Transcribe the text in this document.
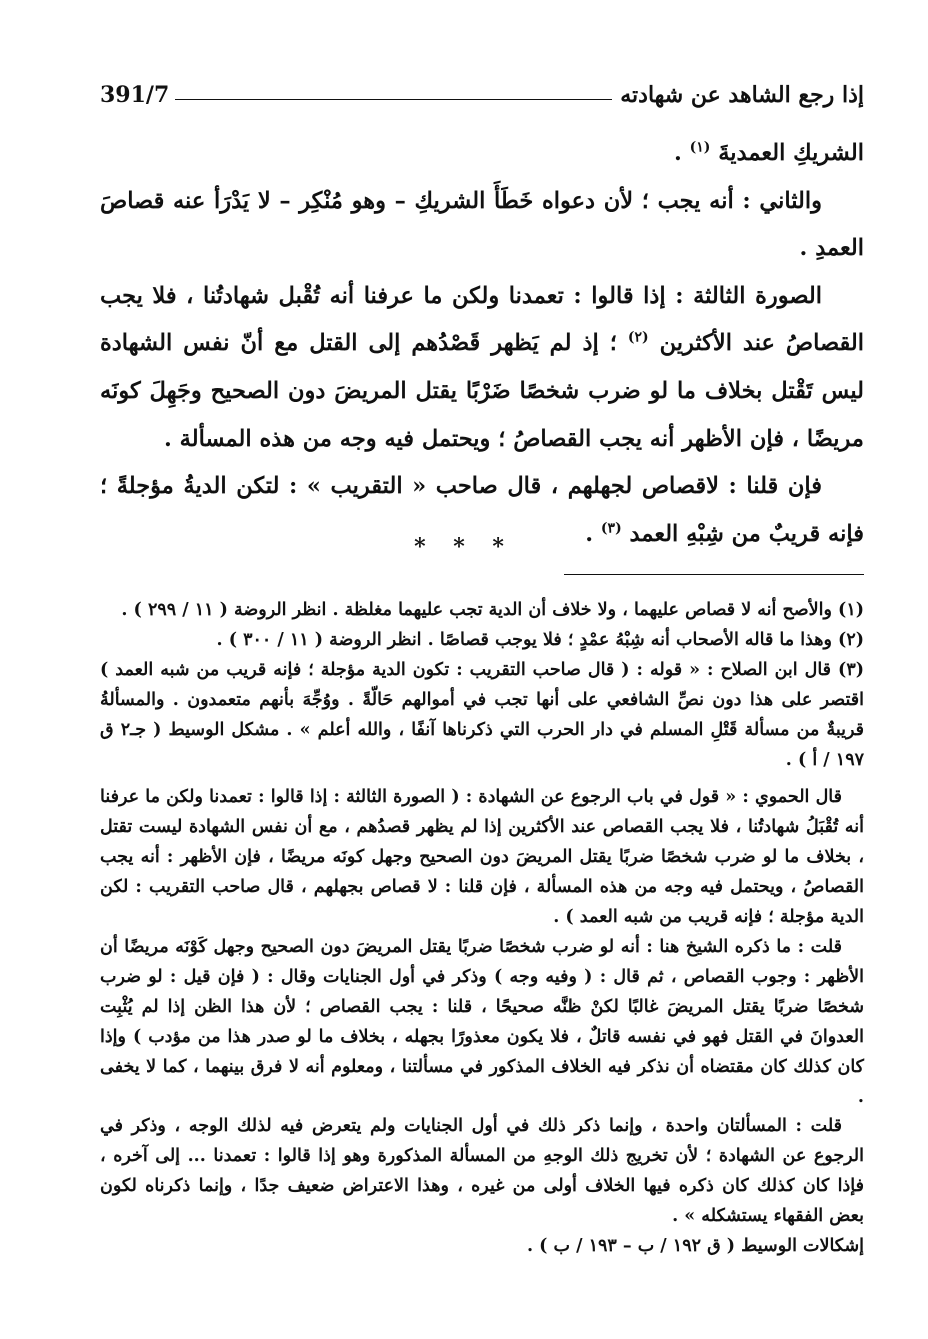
إذا رجع الشاهد عن شهادته
391/7

الشريكِ العمديةَ $^{(١)}$ .

والثاني : أنه يجب ؛ لأن دعواه خَطَأَ الشريكِ – وهو مُنْكِر – لا يَدْرَأ عنه قصاصَ العمدِ .

الصورة الثالثة : إذا قالوا : تعمدنا ولكن ما عرفنا أنه تُقْبل شهادتُنا ، فلا يجب القصاصُ عند الأكثرين $^{(٢)}$ ؛ إذ لم يَظهر قَصْدُهم إلى القتل مع أنّ نفس الشهادة ليس تَقْتل بخلاف ما لو ضرب شخصًا ضَرْبًا يقتل المريضَ دون الصحيح وجَهِلَ كونَه مريضًا ، فإن الأظهر أنه يجب القصاصُ ؛ ويحتمل فيه وجه من هذه المسألة .

فإن قلنا : لاقصاص لجهلهم ، قال صاحب « التقريب » : لتكن الديةُ مؤجلةً ؛ فإنه قريبٌ من شِبْهِ العمد $^{(٣)}$ .

* * *

(١) والأصح أنه لا قصاص عليهما ، ولا خلاف أن الدية تجب عليهما مغلظة . انظر الروضة ( ١١ / ٢٩٩ ) .

(٢) وهذا ما قاله الأصحاب أنه شِبْهُ عمْدٍ ؛ فلا يوجب قصاصًا . انظر الروضة ( ١١ / ٣٠٠ ) .

(٣) قال ابن الصلاح : « قوله : ( قال صاحب التقريب : تكون الدية مؤجلة ؛ فإنه قريب من شبه العمد ) اقتصر على هذا دون نصِّ الشافعي على أنها تجب في أموالهم حَالّةً . ووُجِّهَ بأنهم متعمدون . والمسألةُ قريبةٌ من مسألة قَتْلِ المسلم في دار الحرب التي ذكرناها آنفًا ، والله أعلم » . مشكل الوسيط ( جـ٢ ق ١٩٧ / أ ) .

قال الحموي : « قول في باب الرجوع عن الشهادة : ( الصورة الثالثة : إذا قالوا : تعمدنا ولكن ما عرفنا أنه تُقْبَلُ شهادتُنا ، فلا يجب القصاص عند الأكثرين إذا لم يظهر قصدُهم ، مع أن نفس الشهادة ليست تقتل ، بخلاف ما لو ضرب شخصًا ضربًا يقتل المريضَ دون الصحيح وجهل كونَه مريضًا ، فإن الأظهر : أنه يجب القصاصُ ، ويحتمل فيه وجه من هذه المسألة ، فإن قلنا : لا قصاص بجهلهم ، قال صاحب التقريب : لكن الدية مؤجلة ؛ فإنه قريب من شبه العمد ) .

قلت : ما ذكره الشيخ هنا : أنه لو ضرب شخصًا ضربًا يقتل المريضَ دون الصحيح وجهل كَوْنَه مريضًا أن الأظهر : وجوب القصاص ، ثم قال : ( وفيه وجه ) وذكر في أول الجنايات وقال : ( فإن قيل : لو ضرب شخصًا ضربًا يقتل المريضَ غالبًا لكنْ ظنَّه صحيحًا ، قلنا : يجب القصاص ؛ لأن هذا الظن إذا لم يُثْبِت العدوانَ في القتل فهو في نفسه قاتلٌ ، فلا يكون معذورًا بجهله ، بخلاف ما لو صدر هذا من مؤدب ) وإذا كان كذلك كان مقتضاه أن نذكر فيه الخلاف المذكور في مسألتنا ، ومعلوم أنه لا فرق بينهما ، كما لا يخفى .

قلت : المسألتان واحدة ، وإنما ذكر ذلك في أول الجنايات ولم يتعرض فيه لذلك الوجه ، وذكر في الرجوع عن الشهادة ؛ لأن تخريج ذلك الوجهِ من المسألة المذكورة وهو إذا قالوا : تعمدنا ... إلى آخره ، فإذا كان كذلك كان ذكره فيها الخلاف أولى من غيره ، وهذا الاعتراض ضعيف جدًا ، وإنما ذكرناه لكون بعض الفقهاء يستشكله » .

إشكالات الوسيط ( ق ١٩٢ / ب – ١٩٣ / ب ) .
